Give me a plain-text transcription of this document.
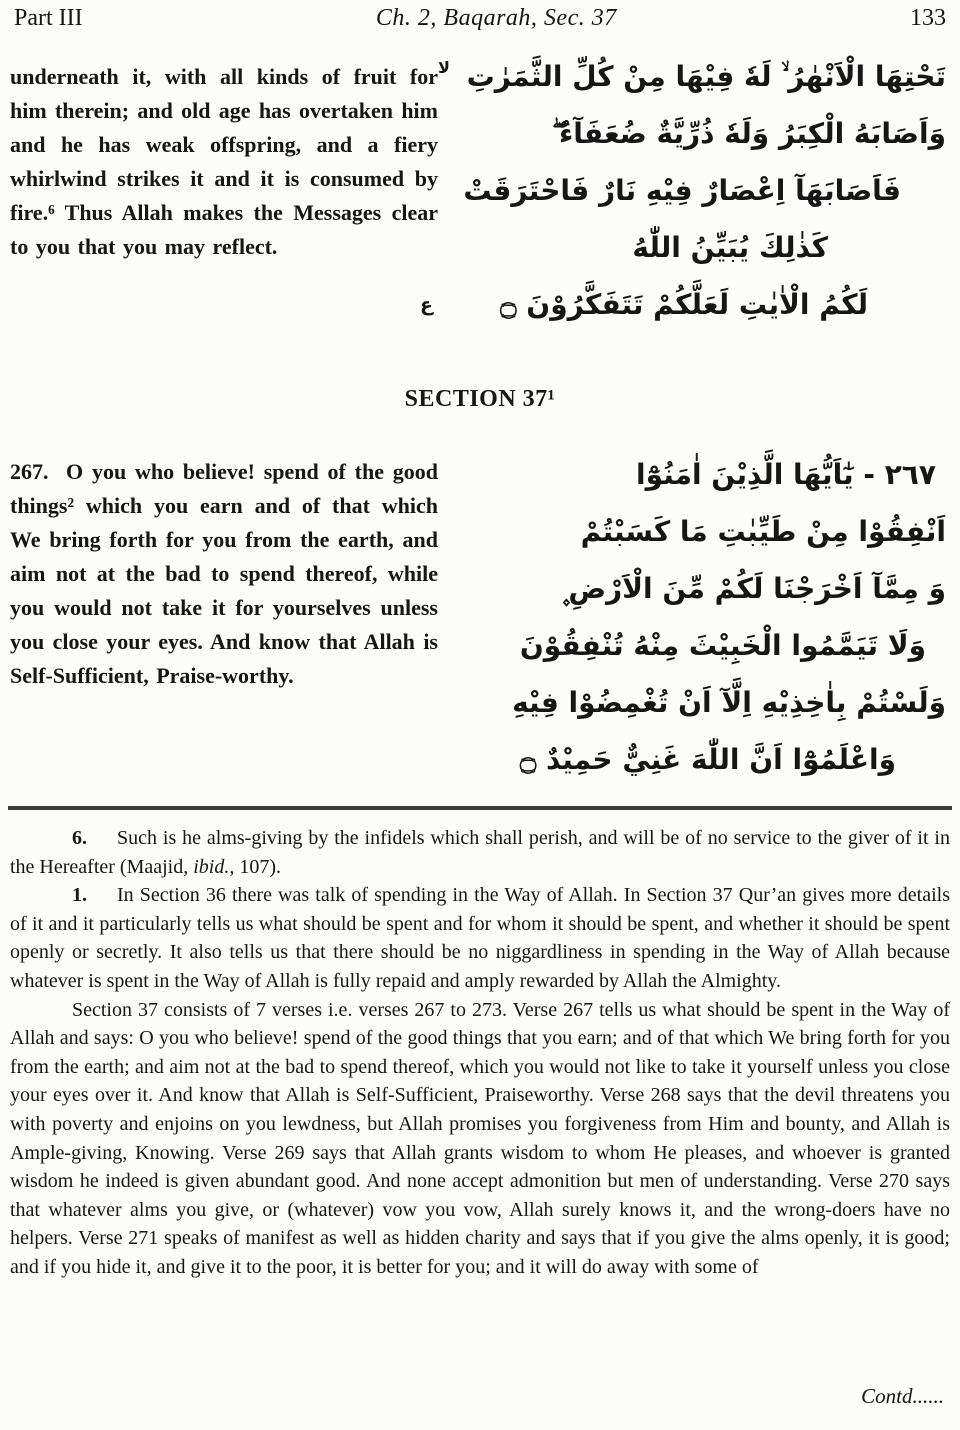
Part III	Ch. 2, Baqarah, Sec. 37	133
underneath it, with all kinds of fruit for him therein; and old age has overtaken him and he has weak offspring, and a fiery whirlwind strikes it and it is consumed by fire.⁶ Thus Allah makes the Messages clear to you that you may reflect.
تَحْتِهَا الْاَنْهٰرُ ۙ لَهٗ فِيْهَا مِنْ كُلِّ الثَّمَرٰتِ
وَاَصَابَهُ الْكِبَرُ وَلَهٗ ذُرِّيَّةٌ ضُعَفَآءُ ۖ
فَاَصَابَهَآ اِعْصَارٌ فِيْهِ نَارٌ فَاحْتَرَقَتْ
كَذٰلِكَ يُبَيِّنُ اللّٰهُ
لَكُمُ الْاٰيٰتِ لَعَلَّكُمْ تَتَفَكَّرُوْنَ ۝
لا
ع
SECTION 37¹
267.  O you who believe! spend of the good things² which you earn and of that which We bring forth for you from the earth, and aim not at the bad to spend thereof, while you would not take it for yourselves unless you close your eyes. And know that Allah is Self-Sufficient, Praise-worthy.
٢٦٧ - يٰٓاَيُّهَا الَّذِيْنَ اٰمَنُوْٓا
اَنْفِقُوْا مِنْ طَيِّبٰتِ مَا كَسَبْتُمْ
وَ مِمَّآ اَخْرَجْنَا لَكُمْ مِّنَ الْاَرْضِ ۪
وَلَا تَيَمَّمُوا الْخَبِيْثَ مِنْهُ تُنْفِقُوْنَ
وَلَسْتُمْ بِاٰخِذِيْهِ اِلَّآ اَنْ تُغْمِضُوْا فِيْهِ
وَاعْلَمُوْٓا اَنَّ اللّٰهَ غَنِيٌّ حَمِيْدٌ ۝

6. Such is he alms-giving by the infidels which shall perish, and will be of no service to the giver of it in the Hereafter (Maajid, ibid., 107).

1. In Section 36 there was talk of spending in the Way of Allah. In Section 37 Qur’an gives more details of it and it particularly tells us what should be spent and for whom it should be spent, and whether it should be spent openly or secretly. It also tells us that there should be no niggardliness in spending in the Way of Allah because whatever is spent in the Way of Allah is fully repaid and amply rewarded by Allah the Almighty.

Section 37 consists of 7 verses i.e. verses 267 to 273. Verse 267 tells us what should be spent in the Way of Allah and says: O you who believe! spend of the good things that you earn; and of that which We bring forth for you from the earth; and aim not at the bad to spend thereof, which you would not like to take it yourself unless you close your eyes over it. And know that Allah is Self-Sufficient, Praiseworthy. Verse 268 says that the devil threatens you with poverty and enjoins on you lewdness, but Allah promises you forgiveness from Him and bounty, and Allah is Ample-giving, Knowing. Verse 269 says that Allah grants wisdom to whom He pleases, and whoever is granted wisdom he indeed is given abundant good. And none accept admonition but men of understanding. Verse 270 says that whatever alms you give, or (whatever) vow you vow, Allah surely knows it, and the wrong-doers have no helpers. Verse 271 speaks of manifest as well as hidden charity and says that if you give the alms openly, it is good; and if you hide it, and give it to the poor, it is better for you; and it will do away with some of

Contd......
